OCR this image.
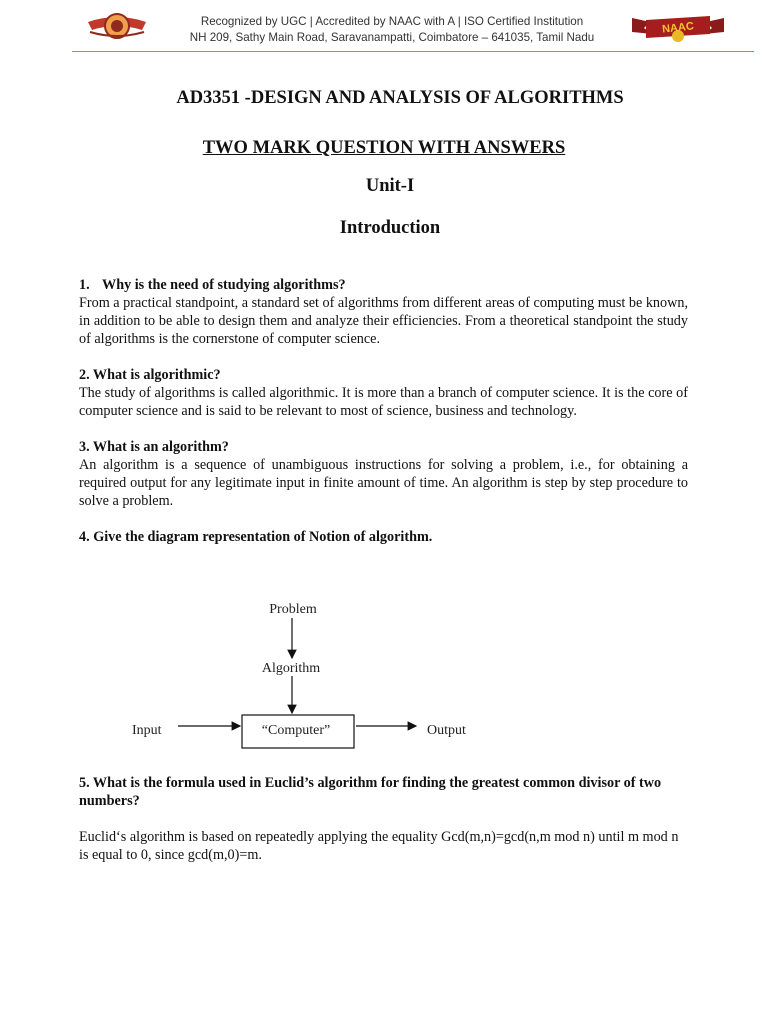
Recognized by UGC | Accredited by NAAC with A | ISO Certified Institution
NH 209, Sathy Main Road, Saravanampatti, Coimbatore – 641035, Tamil Nadu
NAAC
AD3351 -DESIGN AND ANALYSIS OF ALGORITHMS
TWO MARK QUESTION WITH ANSWERS
Unit-I
Introduction

1. Why is the need of studying algorithms?

From a practical standpoint, a standard set of algorithms from different areas of computing must be known, in addition to be able to design them and analyze their efficiencies. From a theoretical standpoint the study of algorithms is the cornerstone of computer science.

2. What is algorithmic?

The study of algorithms is called algorithmic. It is more than a branch of computer science. It is the core of computer science and is said to be relevant to most of science, business and technology.

3. What is an algorithm?

An algorithm is a sequence of unambiguous instructions for solving a problem, i.e., for obtaining a required output for any legitimate input in finite amount of time. An algorithm is step by step procedure to solve a problem.

4. Give the diagram representation of Notion of algorithm.

Problem
Algorithm
“Computer”
Input	Output

5. What is the formula used in Euclid’s algorithm for finding the greatest common divisor of two numbers?

Euclid‘s algorithm is based on repeatedly applying the equality Gcd(m,n)=gcd(n,m mod n) until m mod n is equal to 0, since gcd(m,0)=m.
